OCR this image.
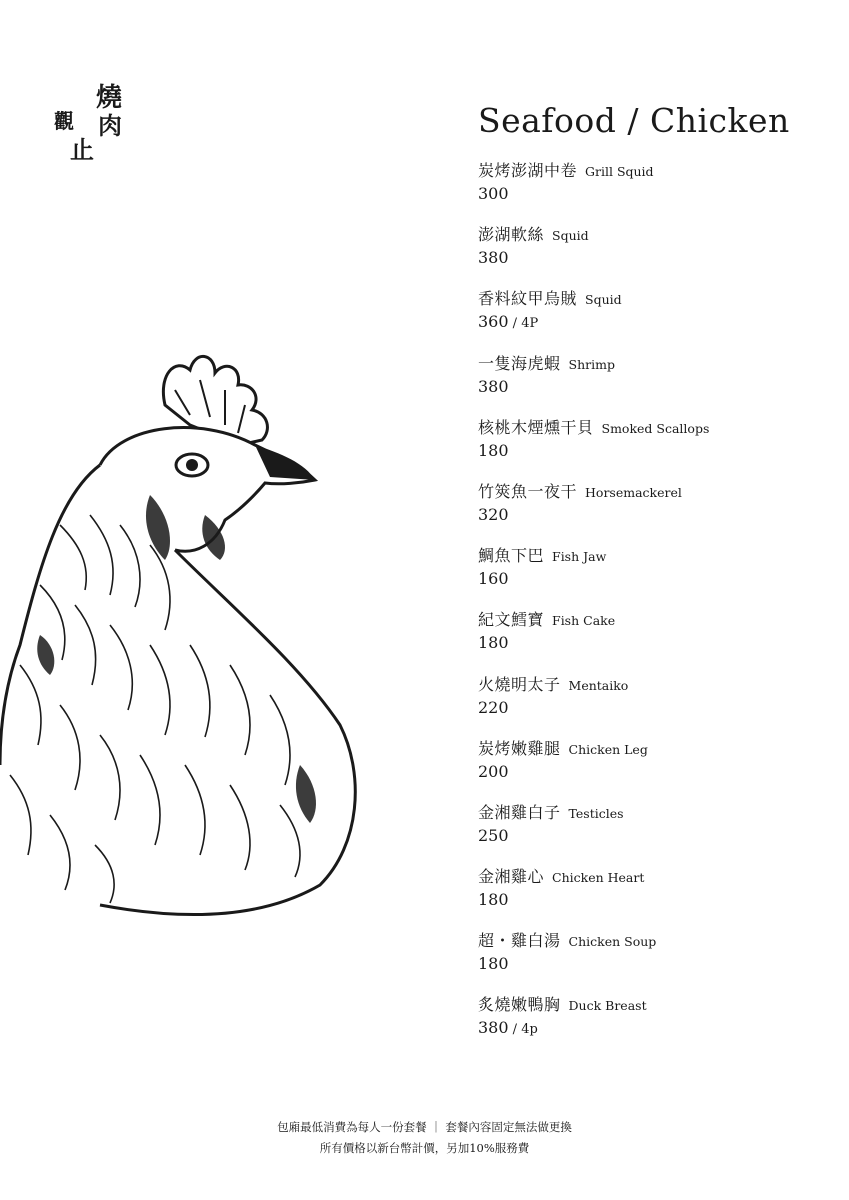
燒
肉
觀
止
Seafood / Chicken
炭烤澎湖中卷 Grill Squid
300
澎湖軟絲 Squid
380
香料紋甲烏賊 Squid
360 / 4P
一隻海虎蝦 Shrimp
380
核桃木煙燻干貝 Smoked Scallops
180
竹筴魚一夜干 Horsemackerel
320
鯛魚下巴 Fish Jaw
160
紀文鱈寶 Fish Cake
180
火燒明太子 Mentaiko
220
炭烤嫩雞腿 Chicken Leg
200
金湘雞白子 Testicles
250
金湘雞心 Chicken Heart
180
超・雞白湯 Chicken Soup
180
炙燒嫩鴨胸 Duck Breast
380 / 4p
包廂最低消費為每人一份套餐 ｜ 套餐內容固定無法做更換
所有價格以新台幣計價，另加10%服務費
